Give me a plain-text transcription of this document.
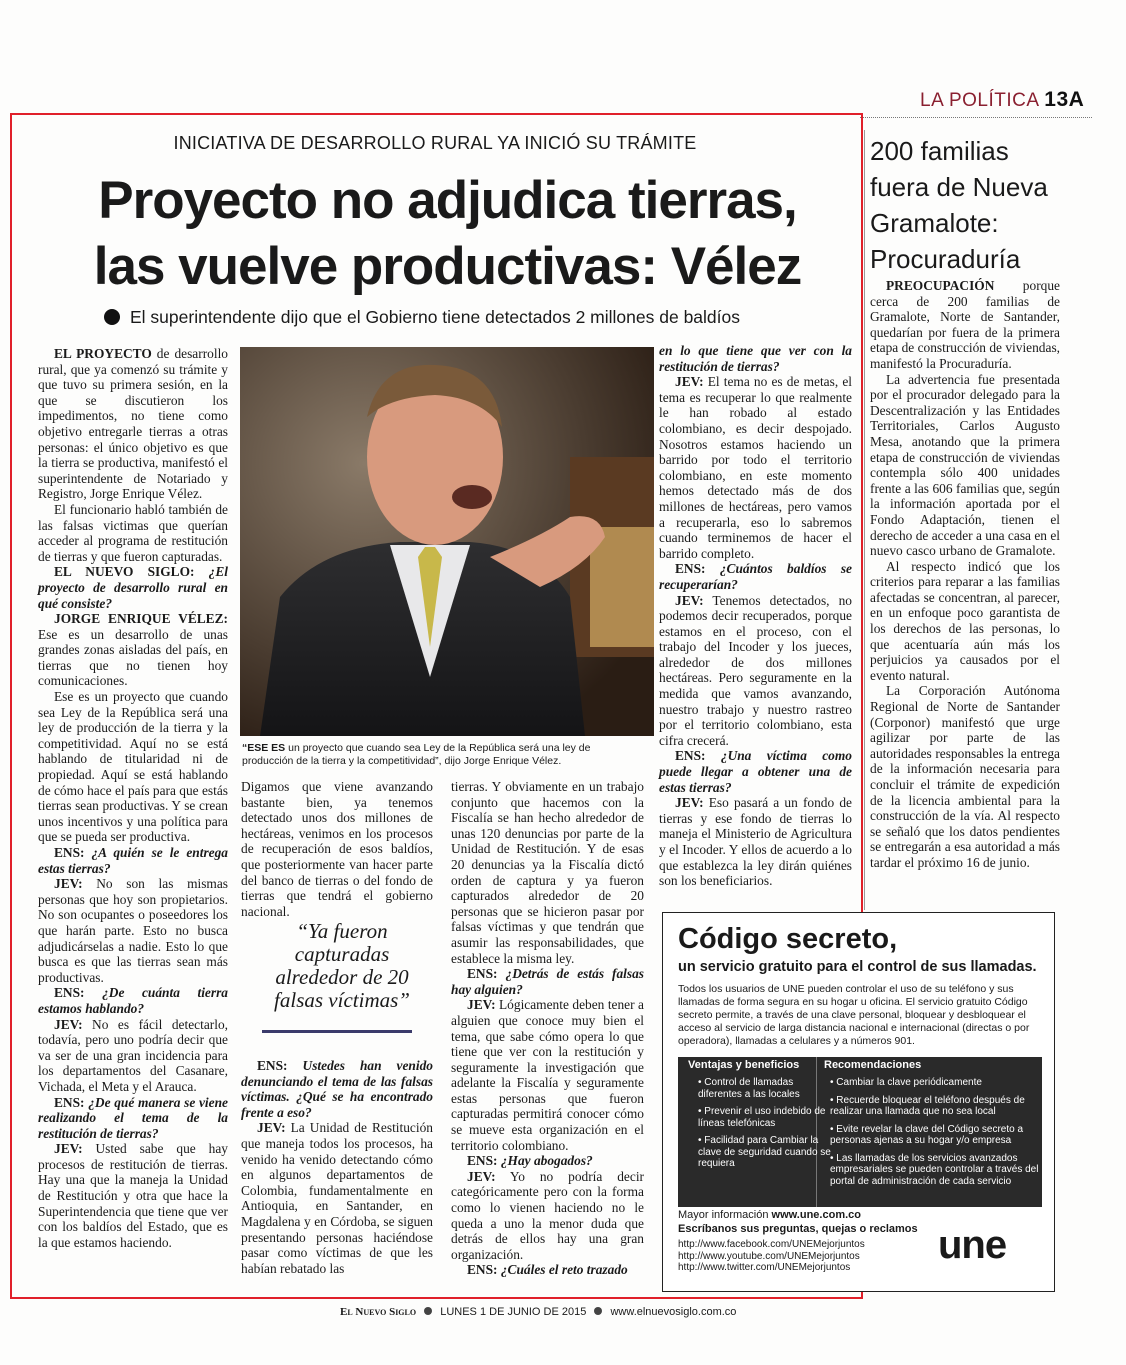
LA POLÍTICA 13A
INICIATIVA DE DESARROLLO RURAL YA INICIÓ SU TRÁMITE
Proyecto no adjudica tierras,
las vuelve productivas: Vélez
El superintendente dijo que el Gobierno tiene detectados 2 millones de baldíos
“ESE ES un proyecto que cuando sea Ley de la República será una ley de producción de la tierra y la competitividad”, dijo Jorge Enrique Vélez.

EL PROYECTO de desarrollo rural, que ya comenzó su trámite y que tuvo su primera sesión, en la que se discutieron los impedimentos, no tiene como objetivo entregarle tierras a otras personas: el único objetivo es que la tierra se productiva, manifestó el superintendente de Notariado y Registro, Jorge Enrique Vélez.

El funcionario habló también de las falsas victimas que querían acceder al programa de restitución de tierras y que fueron capturadas.

EL NUEVO SIGLO: ¿El proyecto de desarrollo rural en qué consiste?

JORGE ENRIQUE VÉLEZ: Ese es un desarrollo de unas grandes zonas aisladas del país, en tierras que no tienen hoy comunicaciones.

Ese es un proyecto que cuando sea Ley de la República será una ley de producción de la tierra y la competitividad. Aquí no se está hablando de titularidad ni de propiedad. Aquí se está hablando de cómo hace el país para que estás tierras sean productivas. Y se crean unos incentivos y una política para que se pueda ser productiva.

ENS: ¿A quién se le entrega estas tierras?

JEV: No son las mismas personas que hoy son propietarios. No son ocupantes o poseedores los que harán parte. Esto no busca adjudicárselas a nadie. Esto lo que busca es que las tierras sean más productivas.

ENS: ¿De cuánta tierra estamos hablando?

JEV: No es fácil detectarlo, todavía, pero uno podría decir que va ser de una gran incidencia para los departamentos del Casanare, Vichada, el Meta y el Arauca.

ENS: ¿De qué manera se viene realizando el tema de la restitución de tierras?

JEV: Usted sabe que hay procesos de restitución de tierras. Hay una que la maneja la Unidad de Restitución y otra que hace la Superintendencia que tiene que ver con los baldíos del Estado, que es la que estamos haciendo.

Digamos que viene avanzando bastante bien, ya tenemos detectado unos dos millones de hectáreas, venimos en los procesos de recuperación de esos baldíos, que posteriormente van hacer parte del banco de tierras o del fondo de tierras que tendrá el gobierno nacional.

“Ya fueron capturadas alrededor de 20 falsas víctimas”

ENS: Ustedes han venido denunciando el tema de las falsas víctimas. ¿Qué se ha encontrado frente a eso?

JEV: La Unidad de Restitución que maneja todos los procesos, ha venido ha venido detectando cómo en algunos departamentos de Colombia, fundamentalmente en Antioquia, en Santander, en Magdalena y en Córdoba, se siguen presentando personas haciéndose pasar como víctimas de que les habían rebatado las

tierras. Y obviamente en un trabajo conjunto que hacemos con la Fiscalía se han hecho alrededor de unas 120 denuncias por parte de la Unidad de Restitución. Y de esas 20 denuncias ya la Fiscalía dictó orden de captura y ya fueron capturados alrededor de 20 personas que se hicieron pasar por falsas víctimas y que tendrán que asumir las responsabilidades, que establece la misma ley.

ENS: ¿Detrás de estás falsas hay alguien?

JEV: Lógicamente deben tener a alguien que conoce muy bien el tema, que sabe cómo opera lo que tiene que ver con la restitución y seguramente la investigación que adelante la Fiscalía y seguramente estas personas que fueron capturadas permitirá conocer cómo se mueve esta organización en el territorio colombiano.

ENS: ¿Hay abogados?

JEV: Yo no podría decir categóricamente pero con la forma como lo vienen haciendo no le queda a uno la menor duda que detrás de ellos hay una gran organización.

ENS: ¿Cuáles el reto trazado

en lo que tiene que ver con la restitución de tierras?

JEV: El tema no es de metas, el tema es recuperar lo que realmente le han robado al estado colombiano, es decir despojado. Nosotros estamos haciendo un barrido por todo el territorio colombiano, en este momento hemos detectado más de dos millones de hectáreas, pero vamos a recuperarla, eso lo sabremos cuando terminemos de hacer el barrido completo.

ENS: ¿Cuántos baldíos se recuperarían?

JEV: Tenemos detectados, no podemos decir recuperados, porque estamos en el proceso, con el trabajo del Incoder y los jueces, alrededor de dos millones hectáreas. Pero seguramente en la medida que vamos avanzando, nuestro trabajo y nuestro rastreo por el territorio colombiano, esta cifra crecerá.

ENS: ¿Una víctima como puede llegar a obtener una de estas tierras?

JEV: Eso pasará a un fondo de tierras y ese fondo de tierras lo maneja el Ministerio de Agricultura y el Incoder. Y ellos de acuerdo a lo que establezca la ley dirán quiénes son los beneficiarios.

200 familias fuera de Nueva Gramalote: Procuraduría

PREOCUPACIÓN porque cerca de 200 familias de Gramalote, Norte de Santander, quedarían por fuera de la primera etapa de construcción de viviendas, manifestó la Procuraduría.

La advertencia fue presentada por el procurador delegado para la Descentralización y las Entidades Territoriales, Carlos Augusto Mesa, anotando que la primera etapa de construcción de viviendas contempla sólo 400 unidades frente a las 606 familias que, según la información aportada por el Fondo Adaptación, tienen el derecho de acceder a una casa en el nuevo casco urbano de Gramalote.

Al respecto indicó que los criterios para reparar a las familias afectadas se concentran, al parecer, en un enfoque poco garantista de los derechos de las personas, lo que acentuaría aún más los perjuicios ya causados por el evento natural.

La Corporación Autónoma Regional de Norte de Santander (Corponor) manifestó que urge agilizar por parte de las autoridades responsables la entrega de la información necesaria para concluir el trámite de expedición de la licencia ambiental para la construcción de la vía. Al respecto se señaló que los datos pendientes se entregarán a esa autoridad a más tardar el próximo 16 de junio.

Código secreto,
un servicio gratuito para el control de sus llamadas.
Todos los usuarios de UNE pueden controlar el uso de su teléfono y sus llamadas de forma segura en su hogar u oficina. El servicio gratuito Código secreto permite, a través de una clave personal, bloquear y desbloquear el acceso al servicio de larga distancia nacional e internacional (directas o por operadora), llamadas a celulares y a números 901.
Ventajas y beneficios Recomendaciones
• Control de llamadas diferentes a las locales
• Prevenir el uso indebido de líneas telefónicas
• Facilidad para Cambiar la clave de seguridad cuando se requiera
• Cambiar la clave periódicamente
• Recuerde bloquear el teléfono después de realizar una llamada que no sea local
• Evite revelar la clave del Código secreto a personas ajenas a su hogar y/o empresa
• Las llamadas de los servicios avanzados empresariales se pueden controlar a través del portal de administración de cada servicio
Mayor información www.une.com.co
Escríbanos sus preguntas, quejas o reclamos
http://www.facebook.com/UNEMejorjuntos
http://www.youtube.com/UNEMejorjuntos
http://www.twitter.com/UNEMejorjuntos
une
El Nuevo Siglo LUNES 1 DE JUNIO DE 2015 www.elnuevosiglo.com.co
